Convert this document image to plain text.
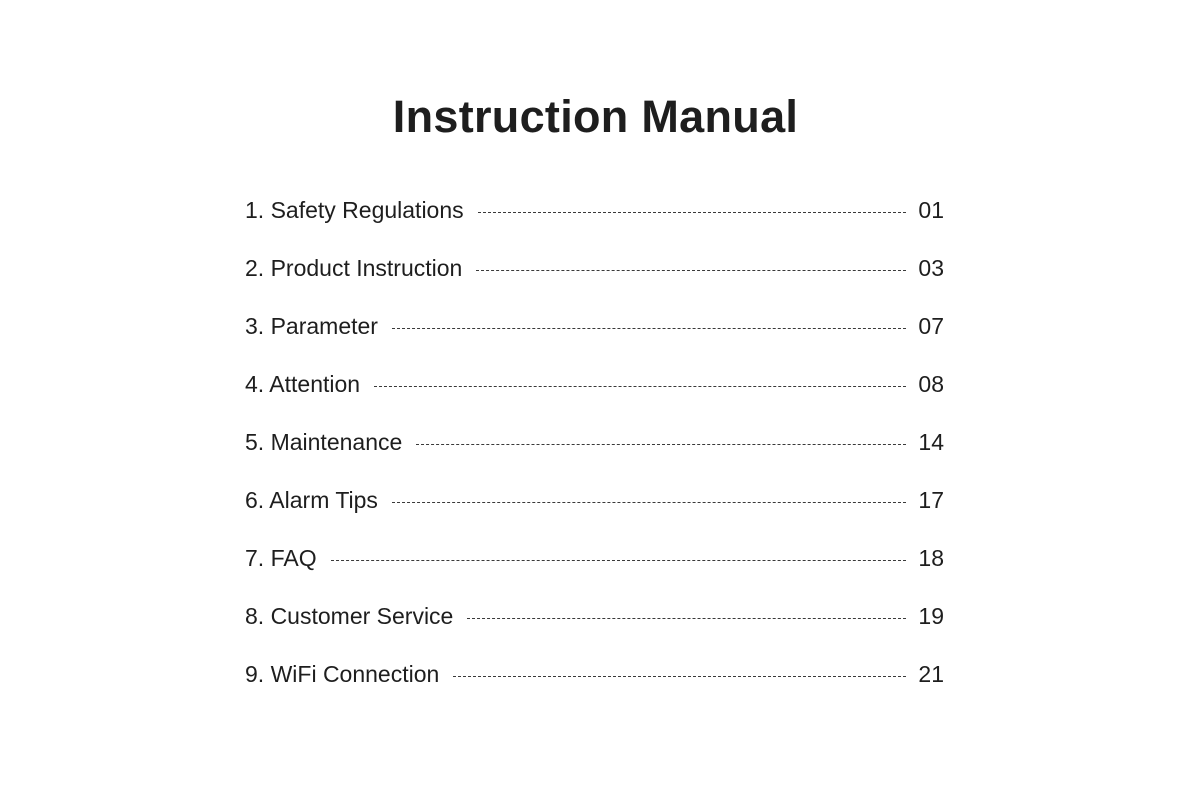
Instruction Manual
1. Safety Regulations	01
2. Product Instruction	03
3. Parameter	07
4. Attention	08
5. Maintenance	14
6. Alarm Tips	17
7. FAQ	18
8. Customer Service	19
9. WiFi Connection	21
